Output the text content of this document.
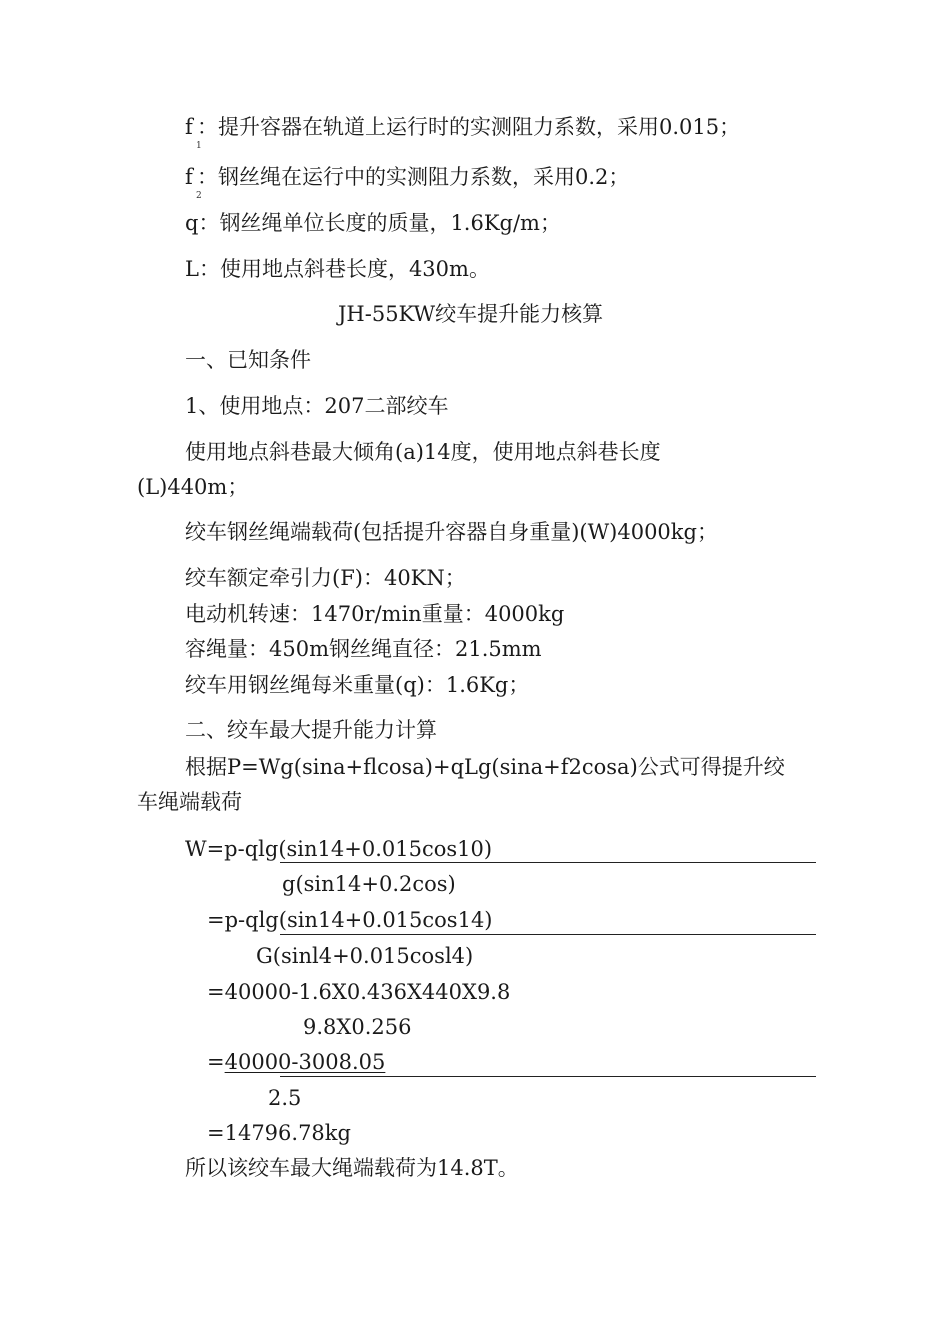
f
1
：提升容器在轨道上运行时的实测阻力系数，采用0.015；
f
2
：钢丝绳在运行中的实测阻力系数，采用0.2；
q：钢丝绳单位长度的质量，1.6Kg/m；
L：使用地点斜巷长度，430m。
JH-55KW绞车提升能力核算
一、已知条件
1、使用地点：207二部绞车
使用地点斜巷最大倾角(a)14度，使用地点斜巷长度
(L)440m；
绞车钢丝绳端载荷(包括提升容器自身重量)(W)4000kg；
绞车额定牵引力(F)：40KN；
电动机转速：1470r/min重量：4000kg
容绳量：450m钢丝绳直径：21.5mm
绞车用钢丝绳每米重量(q)：1.6Kg；
二、绞车最大提升能力计算
根据P=Wg(sina+flcosa)+qLg(sina+f2cosa)公式可得提升绞
车绳端载荷
W=p-qlg(sin14+0.015cos10)
g(sin14+0.2cos)
=p-qlg(sin14+0.015cos14)
G(sinl4+0.015cosl4)
=40000-1.6X0.436X440X9.8
9.8X0.256
=40000-3008.05
2.5
=14796.78kg
所以该绞车最大绳端载荷为14.8T。
